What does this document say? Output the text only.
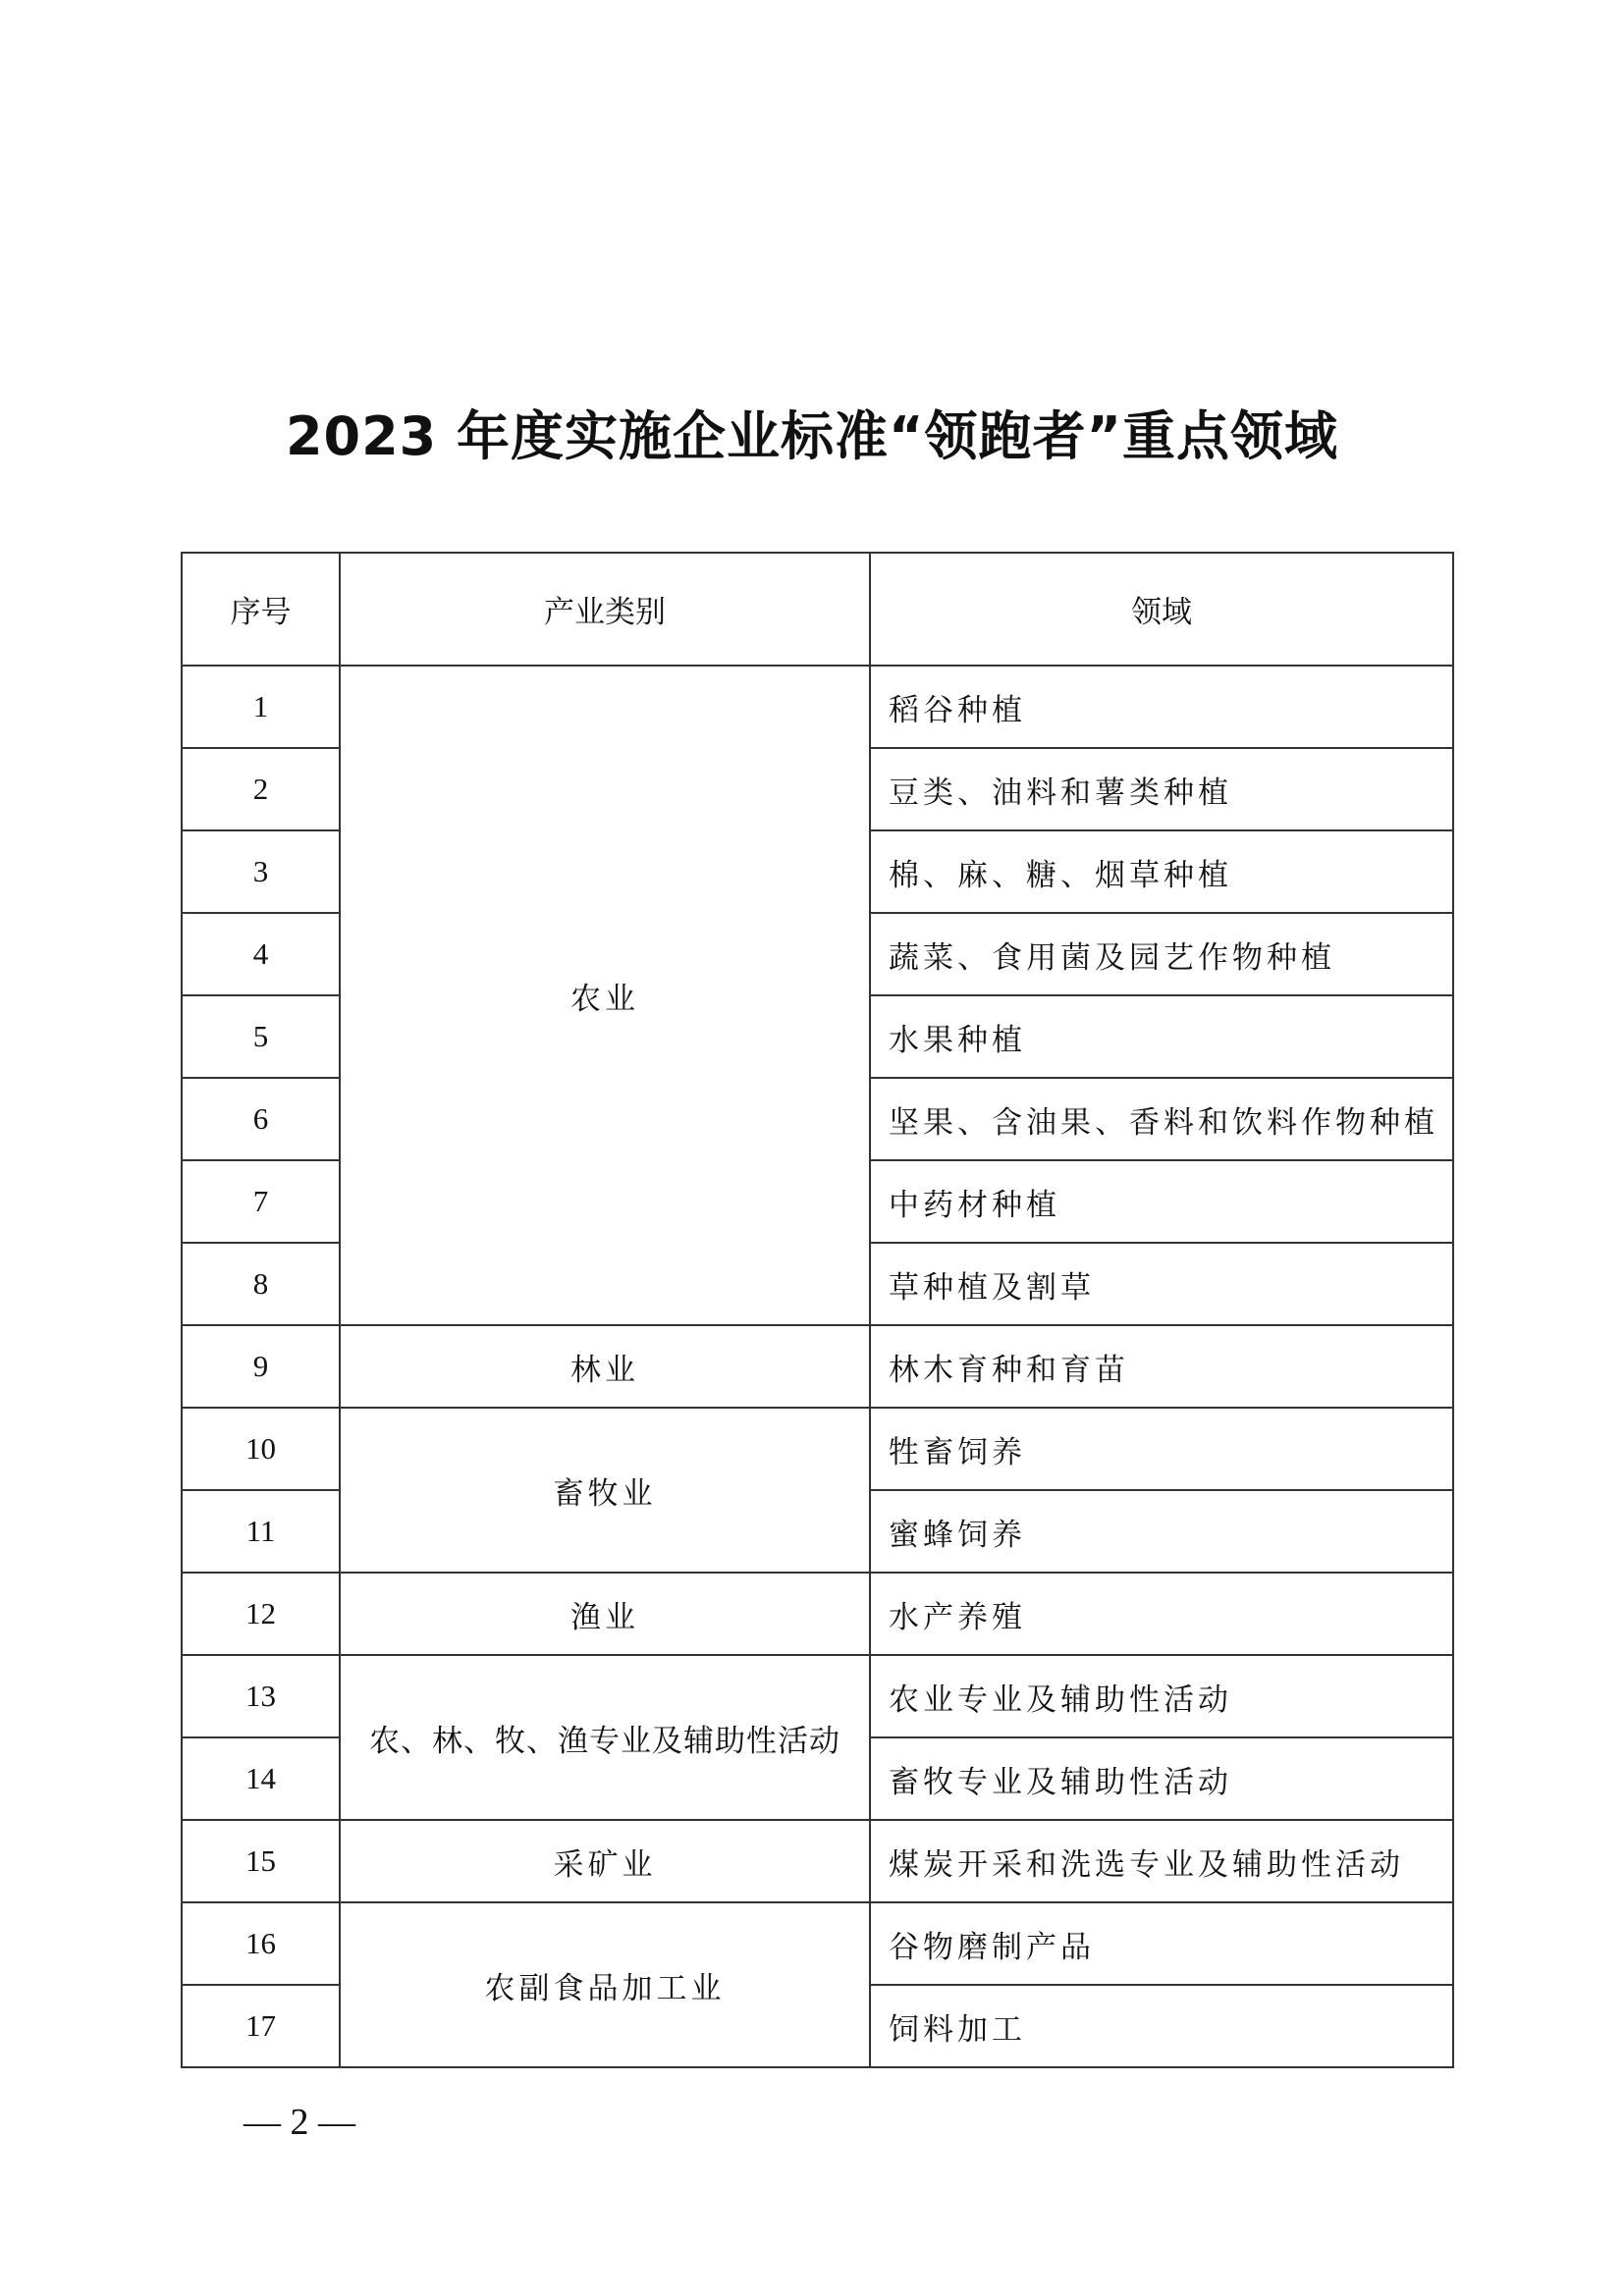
2023 年度实施企业标准“领跑者”重点领域
序号	产业类别	领域
1	农业	稻谷种植
2		豆类、油料和薯类种植
3		棉、麻、糖、烟草种植
4		蔬菜、食用菌及园艺作物种植
5		水果种植
6		坚果、含油果、香料和饮料作物种植
7		中药材种植
8		草种植及割草
9	林业	林木育种和育苗
10	畜牧业	牲畜饲养
11		蜜蜂饲养
12	渔业	水产养殖
13	农、林、牧、渔专业及辅助性活动	农业专业及辅助性活动
14		畜牧专业及辅助性活动
15	采矿业	煤炭开采和洗选专业及辅助性活动
16	农副食品加工业	谷物磨制产品
17		饲料加工
— 2 —
